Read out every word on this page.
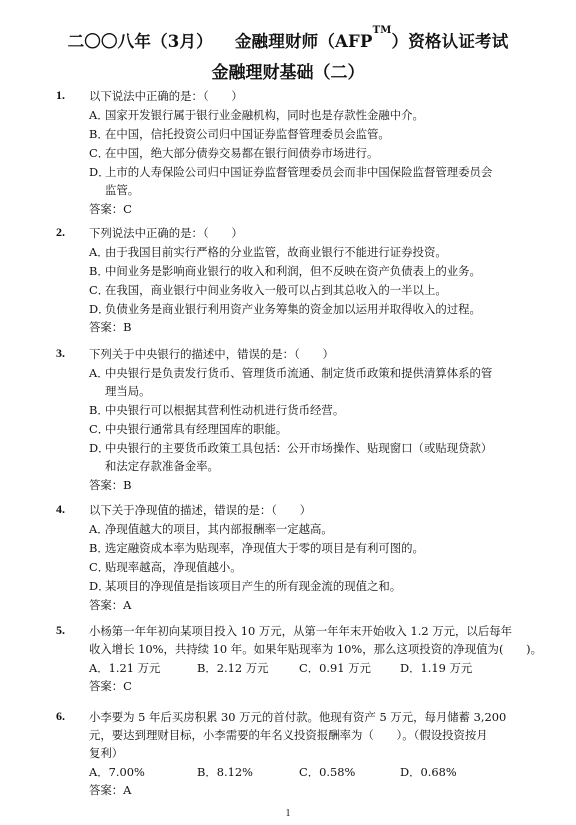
二〇〇八年（3月） 金融理财师（AFP™）资格认证考试
金融理财基础（二）
1. 以下说法中正确的是：（　　）
A．国家开发银行属于银行业金融机构，同时也是存款性金融中介。
B．在中国，信托投资公司归中国证券监督管理委员会监管。
C．在中国，绝大部分债券交易都在银行间债券市场进行。
D．上市的人寿保险公司归中国证券监督管理委员会而非中国保险监督管理委员会
监管。
答案：C
2. 下列说法中正确的是：（　　）
A．由于我国目前实行严格的分业监管，故商业银行不能进行证券投资。
B．中间业务是影响商业银行的收入和利润，但不反映在资产负债表上的业务。
C．在我国，商业银行中间业务收入一般可以占到其总收入的一半以上。
D．负债业务是商业银行利用资产业务筹集的资金加以运用并取得收入的过程。
答案：B
3. 下列关于中央银行的描述中，错误的是：（　　）
A．中央银行是负责发行货币、管理货币流通、制定货币政策和提供清算体系的管
理当局。
B．中央银行可以根据其营利性动机进行货币经营。
C．中央银行通常具有经理国库的职能。
D．中央银行的主要货币政策工具包括：公开市场操作、贴现窗口（或贴现贷款）
和法定存款准备金率。
答案：B
4. 以下关于净现值的描述，错误的是：（　　）
A．净现值越大的项目，其内部报酬率一定越高。
B．选定融资成本率为贴现率，净现值大于零的项目是有利可图的。
C．贴现率越高，净现值越小。
D．某项目的净现值是指该项目产生的所有现金流的现值之和。
答案：A
5. 小杨第一年年初向某项目投入 10 万元，从第一年年末开始收入 1.2 万元，以后每年
收入增长 10%，共持续 10 年。如果年贴现率为 10%，那么这项投资的净现值为(　　)。
A．1.21 万元	B．2.12 万元	C．0.91 万元	D．1.19 万元
答案：C
6. 小李要为 5 年后买房积累 30 万元的首付款。他现有资产 5 万元，每月储蓄 3,200
元，要达到理财目标，小李需要的年名义投资报酬率为（　　）。（假设投资按月
复利）
A．7.00%	B．8.12%	C．0.58%	D．0.68%
答案：A
1
